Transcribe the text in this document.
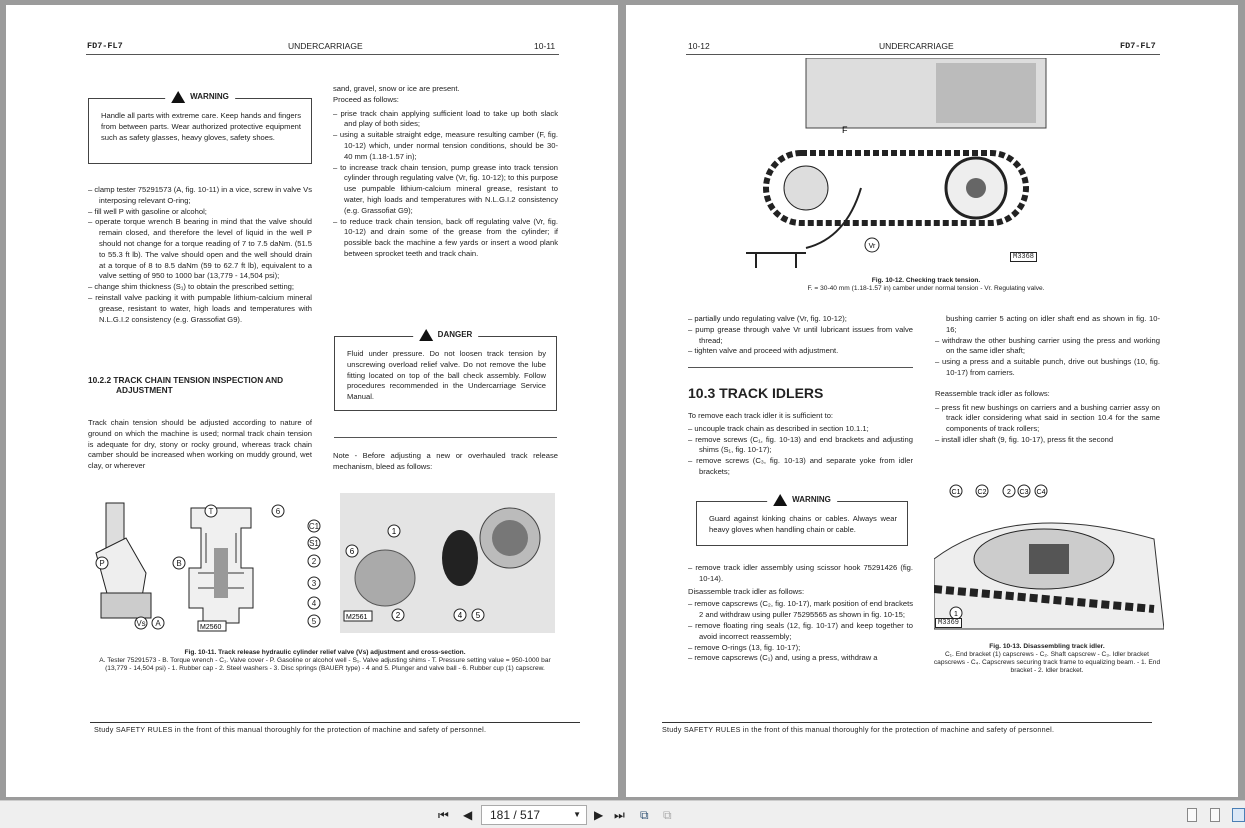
FD7-FL7	UNDERCARRIAGE	10-11
WARNING
Handle all parts with extreme care. Keep hands and fingers from between parts. Wear authorized protective equipment such as safety glasses, heavy gloves, safety shoes.

– clamp tester 75291573 (A, fig. 10-11) in a vice, screw in valve Vs interposing relevant O-ring;

– fill well P with gasoline or alcohol;

– operate torque wrench B bearing in mind that the valve should remain closed, and therefore the level of liquid in the well P should not change for a torque reading of 7 to 7.5 daNm. (51.5 to 55.3 ft lb). The valve should open and the well should drain at a torque of 8 to 8.5 daNm (59 to 62.7 ft lb), equivalent to a valve setting of 950 to 1000 bar (13,779 - 14,504 psi);

– change shim thickness (S₁) to obtain the prescribed setting;

– reinstall valve packing it with pumpable lithium-calcium mineral grease, resistant to water, high loads and temperatures with N.L.G.I.2 consistency (e.g. Grassofiat G9).

10.2.2 TRACK CHAIN TENSION INSPECTION AND ADJUSTMENT
Track chain tension should be adjusted according to nature of ground on which the machine is used; normal track chain tension is adequate for dry, stony or rocky ground, whereas track chain camber should be increased when working on muddy ground, wet clay, or wherever

sand, gravel, snow or ice are present.

Proceed as follows:

– prise track chain applying sufficient load to take up both slack and play of both sides;

– using a suitable straight edge, measure resulting camber (F, fig. 10-12) which, under normal tension conditions, should be 30-40 mm (1.18-1.57 in);

– to increase track chain tension, pump grease into track tension cylinder through regulating valve (Vr, fig. 10-12); to this purpose use pumpable lithium-calcium mineral grease, resistant to water, high loads and temperatures with N.L.G.I.2 consistency (e.g. Grassofiat G9);

– to reduce track chain tension, back off regulating valve (Vr, fig. 10-12) and drain some of the grease from the cylinder; if possible back the machine a few yards or insert a wood plank between sprocket teeth and track chain.

DANGER
Fluid under pressure. Do not loosen track tension by unscrewing overload relief valve. Do not remove the lube fitting located on top of the ball check assembly. Follow procedures recommended in the Undercarriage Service Manual.
Note - Before adjusting a new or overhauled track release mechanism, bleed as follows:
T
B
P
A
Vs
C1
S1
6
2
3
4
5
M2560
1
6
2	4 5
M2561
Fig. 10-11. Track release hydraulic cylinder relief valve (Vs) adjustment and cross-section.
A. Tester 75291573 - B. Torque wrench - C₁. Valve cover - P. Gasoline or alcohol well - S₁. Valve adjusting shims - T. Pressure setting value = 950-1000 bar (13,779 - 14,504 psi) - 1. Rubber cap - 2. Steel washers - 3. Disc springs (BAUER type) - 4 and 5. Plunger and valve ball - 6. Rubber cup (1) capscrew.
Study SAFETY RULES in the front of this manual thoroughly for the protection of machine and safety of personnel.
10-12	UNDERCARRIAGE	FD7-FL7
F
Vr
M3368
Fig. 10-12. Checking track tension.
F. = 30-40 mm (1.18-1.57 in) camber under normal tension - Vr. Regulating valve.

– partially undo regulating valve (Vr, fig. 10-12);

– pump grease through valve Vr until lubricant issues from valve thread;

– tighten valve and proceed with adjustment.

10.3 TRACK IDLERS

To remove each track idler it is sufficient to:

– uncouple track chain as described in section 10.1.1;

– remove screws (C₁, fig. 10-13) and end brackets and adjusting shims (S₁, fig. 10-17);

– remove screws (C₃, fig. 10-13) and separate yoke from idler brackets;

WARNING
Guard against kinking chains or cables. Always wear heavy gloves when handling chain or cable.

– remove track idler assembly using scissor hook 75291426 (fig. 10-14).

Disassemble track idler as follows:

– remove capscrews (C₂, fig. 10-17), mark position of end brackets 2 and withdraw using puller 75295565 as shown in fig. 10-15;

– remove floating ring seals (12, fig. 10-17) and keep together to avoid incorrect reassembly;

– remove O-rings (13, fig. 10-17);

– remove capscrews (C₁) and, using a press, withdraw a

bushing carrier 5 acting on idler shaft end as shown in fig. 10-16;

– withdraw the other bushing carrier using the press and working on the same idler shaft;

– using a press and a suitable punch, drive out bushings (10, fig. 10-17) from carriers.

Reassemble track idler as follows:

– press fit new bushings on carriers and a bushing carrier assy on track idler considering what said in section 10.4 for the same components of track rollers;

– install idler shaft (9, fig. 10-17), press fit the second

C1 C2	2 C3 C4
1
M3369
Fig. 10-13. Disassembling track idler.
C₁. End bracket (1) capscrews - C₂. Shaft capscrew - C₃. Idler bracket capscrews - C₄. Capscrews securing track frame to equalizing beam. - 1. End bracket - 2. Idler bracket.
Study SAFETY RULES in the front of this manual thoroughly for the protection of machine and safety of personnel.
⏮ ◀	181 / 517	▼ ▶ ⏭ ⧉ ⧉
